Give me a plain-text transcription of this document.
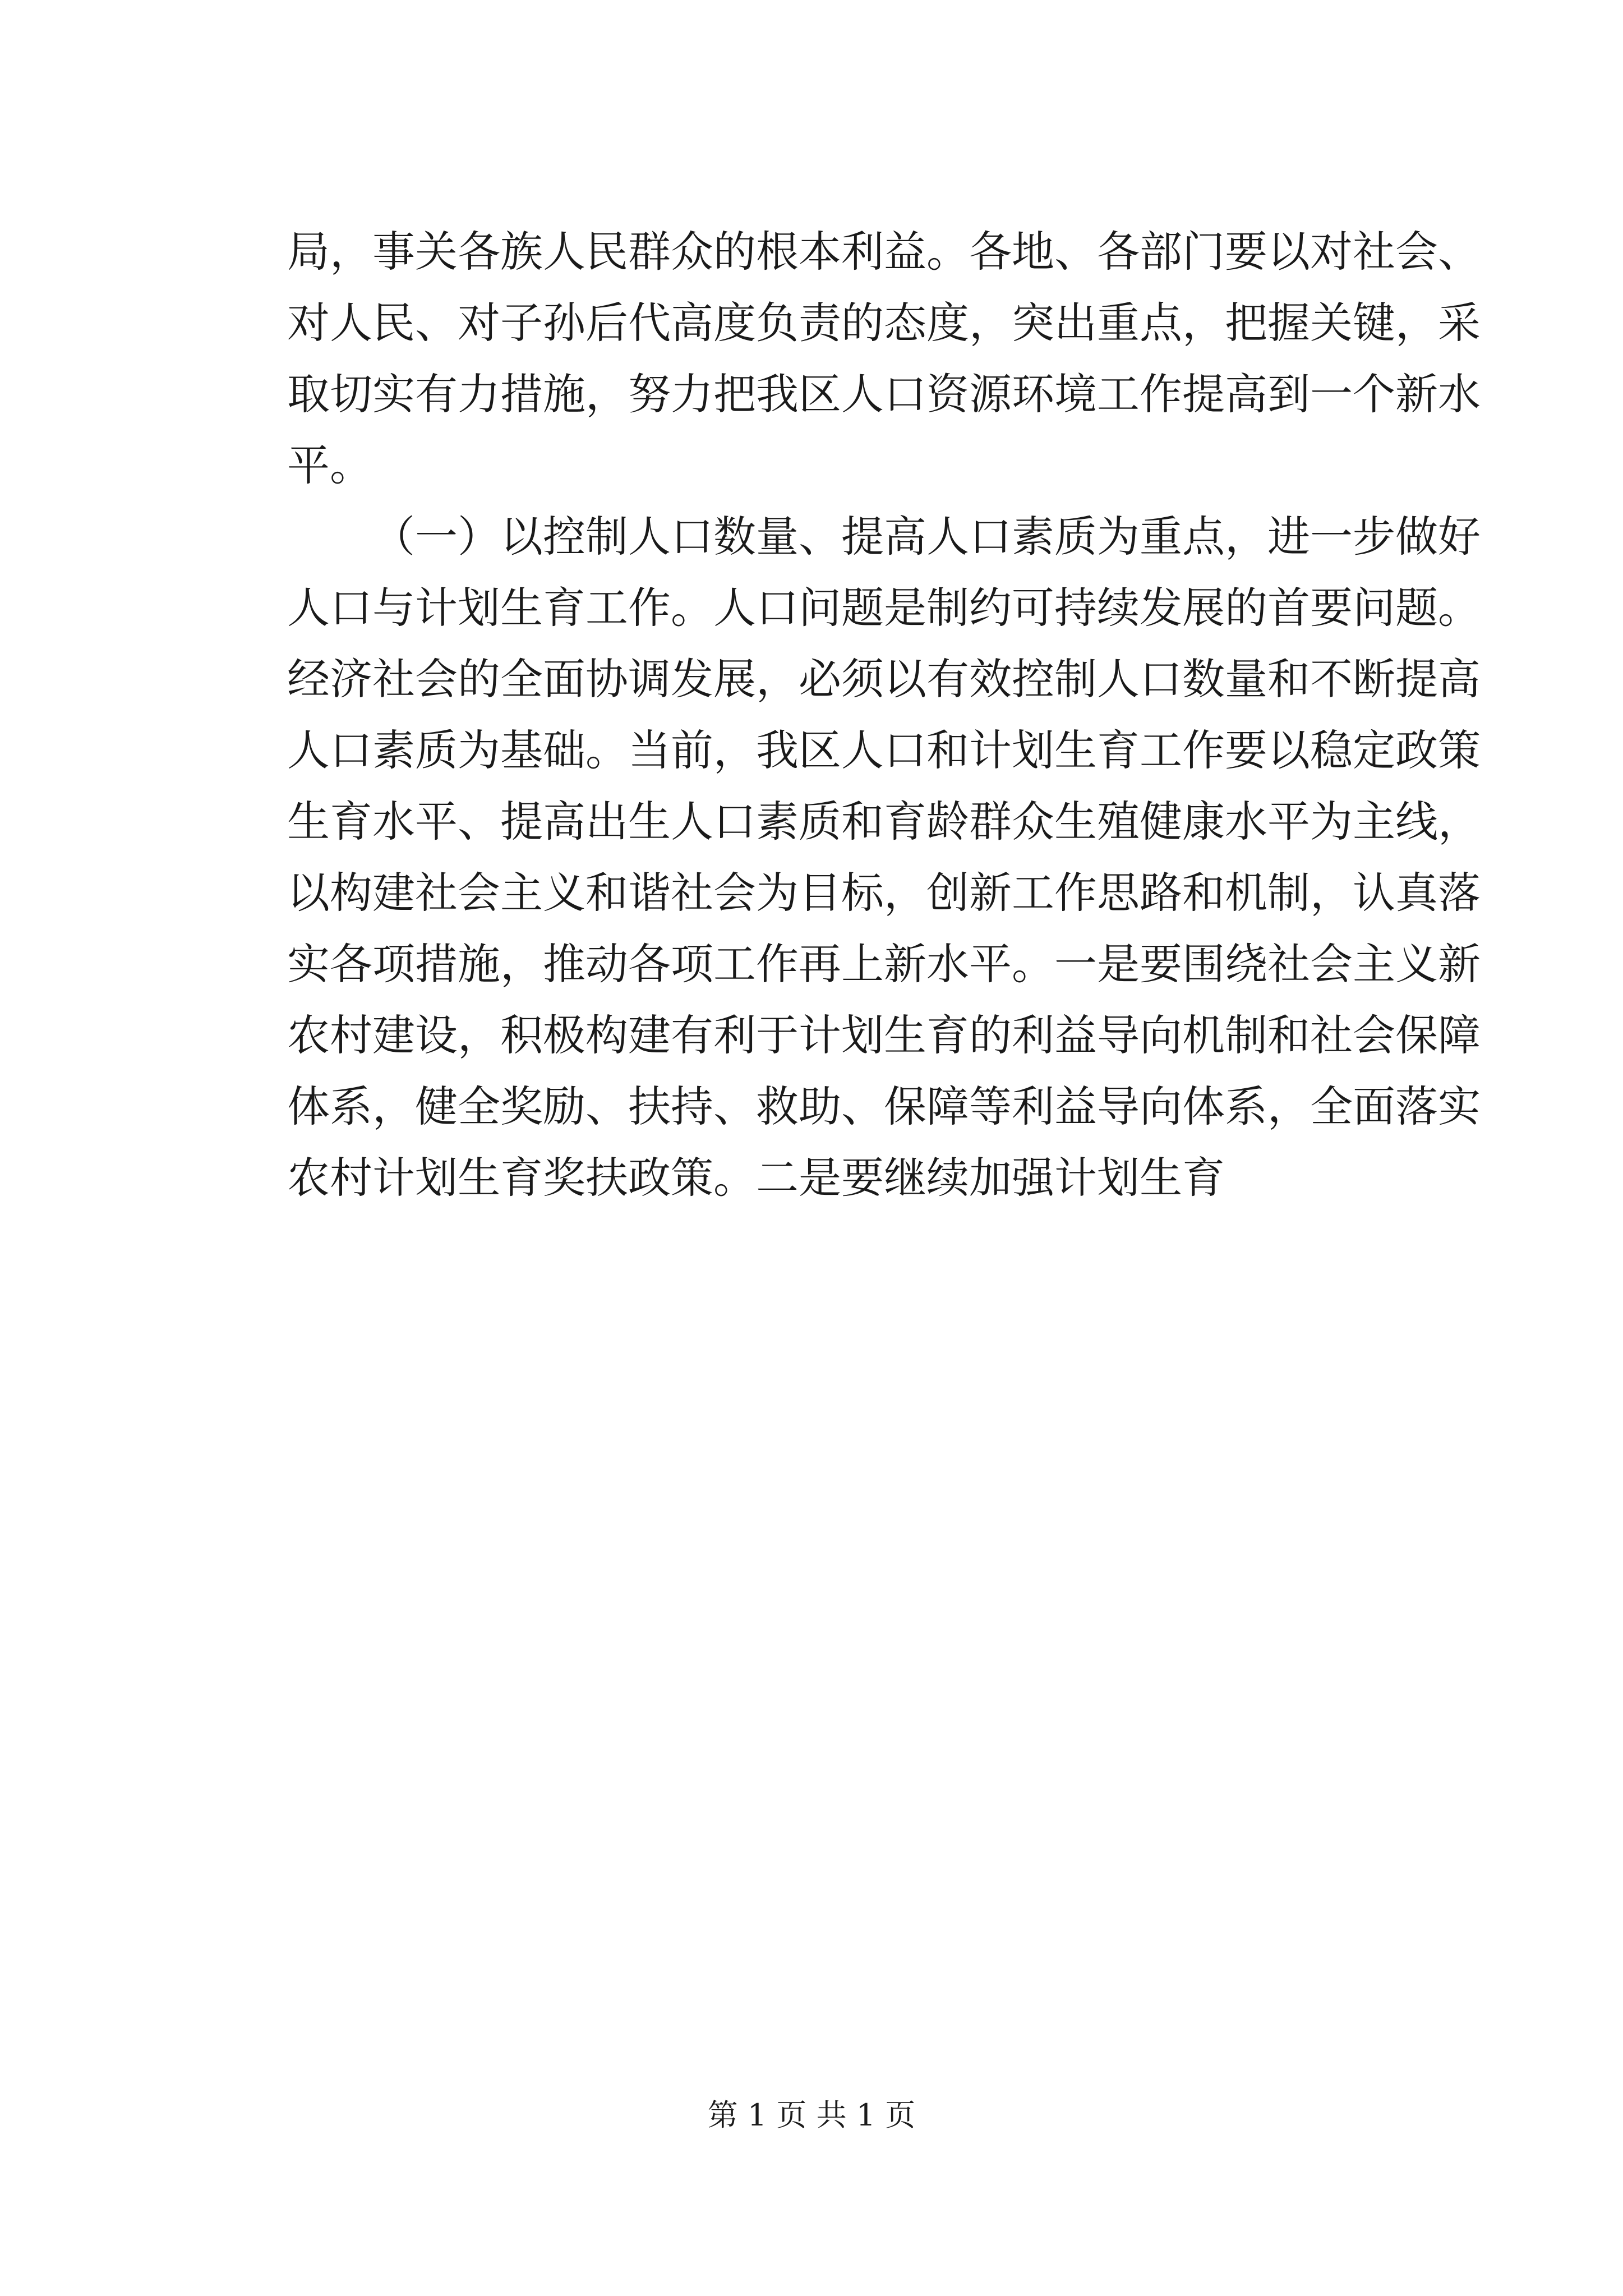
局，事关各族人民群众的根本利益。各地、各部门要以对社会、
对人民、对子孙后代高度负责的态度，突出重点，把握关键，采
取切实有力措施，努力把我区人口资源环境工作提高到一个新水
平。
（一）以控制人口数量、提高人口素质为重点，进一步做好
人口与计划生育工作。人口问题是制约可持续发展的首要问题。
经济社会的全面协调发展，必须以有效控制人口数量和不断提高
人口素质为基础。当前，我区人口和计划生育工作要以稳定政策
生育水平、提高出生人口素质和育龄群众生殖健康水平为主线，
以构建社会主义和谐社会为目标，创新工作思路和机制，认真落
实各项措施，推动各项工作再上新水平。一是要围绕社会主义新
农村建设，积极构建有利于计划生育的利益导向机制和社会保障
体系，健全奖励、扶持、救助、保障等利益导向体系，全面落实
农村计划生育奖扶政策。二是要继续加强计划生育
第 1 页 共 1 页
